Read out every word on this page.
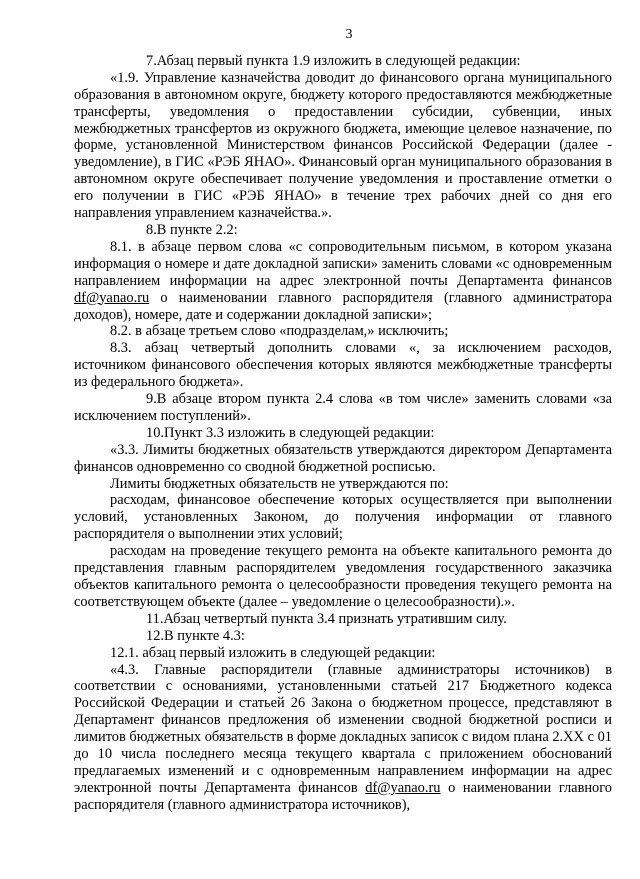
3

7.Абзац первый пункта 1.9 изложить в следующей редакции:

«1.9. Управление казначейства доводит до финансового органа муниципального образования в автономном округе, бюджету которого предоставляются межбюджетные трансферты, уведомления о предоставлении субсидии, субвенции, иных межбюджетных трансфертов из окружного бюджета, имеющие целевое назначение, по форме, установленной Министерством финансов Российской Федерации (далее - уведомление), в ГИС «РЭБ ЯНАО». Финансовый орган муниципального образования в автономном округе обеспечивает получение уведомления и проставление отметки о его получении в ГИС «РЭБ ЯНАО» в течение трех рабочих дней со дня его направления управлением казначейства.».

8.В пункте 2.2:

8.1. в абзаце первом слова «с сопроводительным письмом, в котором указана информация о номере и дате докладной записки» заменить словами «с одновременным направлением информации на адрес электронной почты Департамента финансов df@yanao.ru о наименовании главного распорядителя (главного администратора доходов), номере, дате и содержании докладной записки»;

8.2. в абзаце третьем слово «подразделам,» исключить;

8.3. абзац четвертый дополнить словами «, за исключением расходов, источником финансового обеспечения которых являются межбюджетные трансферты из федерального бюджета».

9.В абзаце втором пункта 2.4 слова «в том числе» заменить словами «за исключением поступлений».

10.Пункт 3.3 изложить в следующей редакции:

«3.3. Лимиты бюджетных обязательств утверждаются директором Департамента финансов одновременно со сводной бюджетной росписью.

Лимиты бюджетных обязательств не утверждаются по:

расходам, финансовое обеспечение которых осуществляется при выполнении условий, установленных Законом, до получения информации от главного распорядителя о выполнении этих условий;

расходам на проведение текущего ремонта на объекте капитального ремонта до представления главным распорядителем уведомления государственного заказчика объектов капитального ремонта о целесообразности проведения текущего ремонта на соответствующем объекте (далее – уведомление о целесообразности).».

11.Абзац четвертый пункта 3.4 признать утратившим силу.

12.В пункте 4.3:

12.1. абзац первый изложить в следующей редакции:

«4.3. Главные распорядители (главные администраторы источников) в соответствии с основаниями, установленными статьей 217 Бюджетного кодекса Российской Федерации и статьей 26 Закона о бюджетном процессе, представляют в Департамент финансов предложения об изменении сводной бюджетной росписи и лимитов бюджетных обязательств в форме докладных записок с видом плана 2.ХХ с 01 до 10 числа последнего месяца текущего квартала с приложением обоснований предлагаемых изменений и с одновременным направлением информации на адрес электронной почты Департамента финансов df@yanao.ru о наименовании главного распорядителя (главного администратора источников),
